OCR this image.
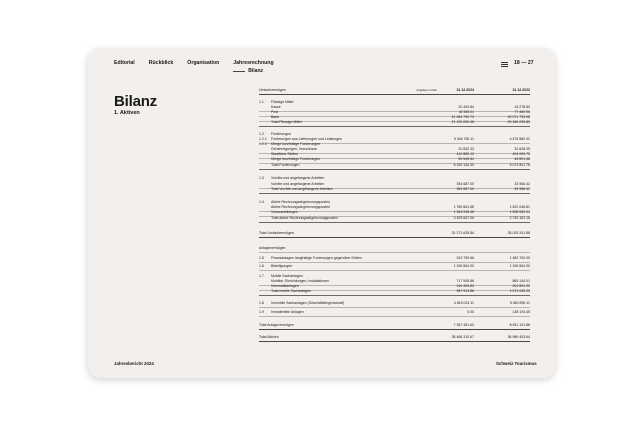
Editorial	Rückblick	Organisation	Jahresrechnung
Bilanz
18 — 27
Bilanz
1. Aktiven
Umlaufvermögen	Angaben in CHF	31.12.2024	31.12.2023
1.1 Flüssige Mittel
Kasse	20 494.84	16 278.80
Post	42 345.11	77 460.06
Bank	21 084 790.73	20 071 793.98
Total Flüssige Mittel	21 100 000.48	20 165 235.83
1.2 Forderungen
1.2.1 Forderungen aus Lieferungen und Leistungen	5 346 780.11	4 478 580.02
1.2.2 Übrige kurzfristige Forderungen
Genehmigungen, Vorschüsse	20 832.33	32 628.05
Staatliche Stellen	412 880.12	494 099.75
Übrige kurzfristige Forderungen	50 545.64	46 801.48
Total Forderungen	6 150 144.30	5 073 801.78
1.3 Vorräte und angefangene Arbeiten
Vorräte und angefangene Arbeiten	354 687.00	33 966.42
Total Vorräte und angefangene Arbeiten	354 687.00	33 966.42
1.4 Aktive Rechnungsabgrenzungsposten
Aktive Rechnungsabgrenzungsposten	1 789 661.58	1 622 046.81
Vorauszahlungen	1 363 945.48	1 508 052.04
Total aktive Rechnungsabgrenzungsposten	3 153 607.06	2 730 161.15
Total Umlaufvermögen	31 271 628.84	28 025 201.88
Anlagevermögen
1.5 Finanzanlagen langfristige Forderungen gegenüber Dritten	319 799.66	1 483 700.09
1.6 Beteiligungen	1 206 504.00	1 206 504.00
1.7 Mobile Sachanlagen
Mobiliar, Einrichtungen, Installationen	717 508.86	869 144.01
Informatikanlagen	310 403.80	201 891.22
Total mobile Sachanlagen	987 913.86	1 071 035.23
1.8 Immobile Sachanlagen (Geschäftsliegenschaft)	4 843 024.11	5 080 859.11
1.9 Immaterielle Anlagen	0.00	138 193.45
Total Anlagevermögen	7 357 481.60	8 941 101.88
Total Aktiven	38 466 310.67	36 966 403.64
Jahresbericht 2024	Schweiz Tourismus
